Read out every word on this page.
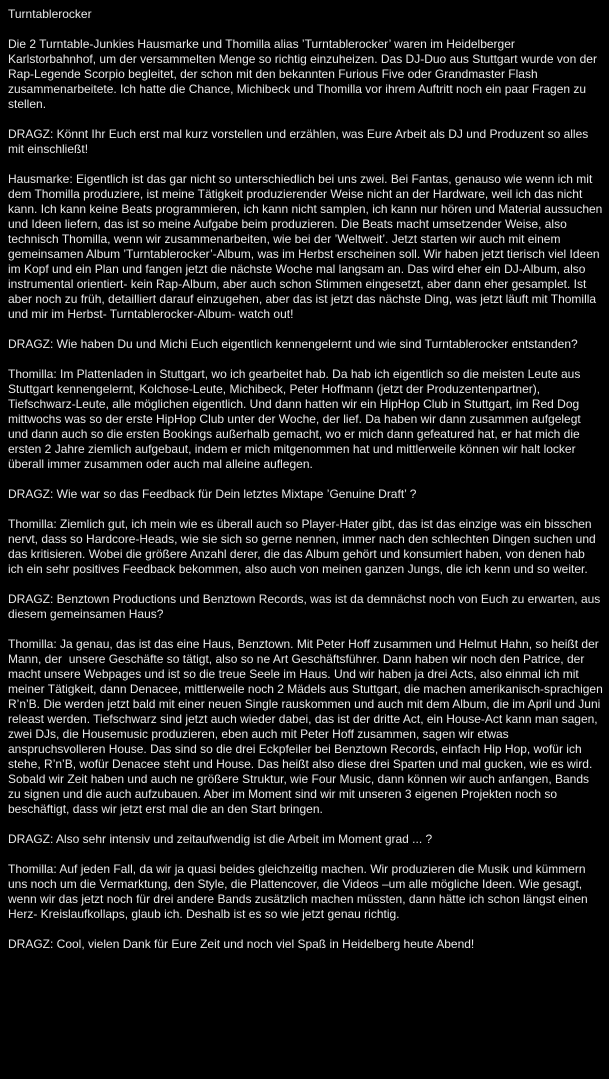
Turntablerocker

Die 2 Turntable-Junkies Hausmarke und Thomilla alias ’Turntablerocker’ waren im Heidelberger Karlstorbahnhof, um der versammelten Menge so richtig einzuheizen. Das DJ-Duo aus Stuttgart wurde von der Rap-Legende Scorpio begleitet, der schon mit den bekannten Furious Five oder Grandmaster Flash zusammenarbeitete. Ich hatte die Chance, Michibeck und Thomilla vor ihrem Auftritt noch ein paar Fragen zu stellen.

DRAGZ: Könnt Ihr Euch erst mal kurz vorstellen und erzählen, was Eure Arbeit als DJ und Produzent so alles mit einschließt!

Hausmarke: Eigentlich ist das gar nicht so unterschiedlich bei uns zwei. Bei Fantas, genauso wie wenn ich mit dem Thomilla produziere, ist meine Tätigkeit produzierender Weise nicht an der Hardware, weil ich das nicht kann. Ich kann keine Beats programmieren, ich kann nicht samplen, ich kann nur hören und Material aussuchen und Ideen liefern, das ist so meine Aufgabe beim produzieren. Die Beats macht umsetzender Weise, also technisch Thomilla, wenn wir zusammenarbeiten, wie bei der ’Weltweit’. Jetzt starten wir auch mit einem gemeinsamen Album ’Turntablerocker’-Album, was im Herbst erscheinen soll. Wir haben jetzt tierisch viel Ideen im Kopf und ein Plan und fangen jetzt die nächste Woche mal langsam an. Das wird eher ein DJ-Album, also instrumental orientiert- kein Rap-Album, aber auch schon Stimmen eingesetzt, aber dann eher gesamplet. Ist aber noch zu früh, detailliert darauf einzugehen, aber das ist jetzt das nächste Ding, was jetzt läuft mit Thomilla und mir im Herbst- Turntablerocker-Album- watch out!

DRAGZ: Wie haben Du und Michi Euch eigentlich kennengelernt und wie sind Turntablerocker entstanden?

Thomilla: Im Plattenladen in Stuttgart, wo ich gearbeitet hab. Da hab ich eigentlich so die meisten Leute aus Stuttgart kennengelernt, Kolchose-Leute, Michibeck, Peter Hoffmann (jetzt der Produzentenpartner), Tiefschwarz-Leute, alle möglichen eigentlich. Und dann hatten wir ein HipHop Club in Stuttgart, im Red Dog mittwochs was so der erste HipHop Club unter der Woche, der lief. Da haben wir dann zusammen aufgelegt und dann auch so die ersten Bookings außerhalb gemacht, wo er mich dann gefeatured hat, er hat mich die ersten 2 Jahre ziemlich aufgebaut, indem er mich mitgenommen hat und mittlerweile können wir halt locker überall immer zusammen oder auch mal alleine auflegen.

DRAGZ: Wie war so das Feedback für Dein letztes Mixtape ’Genuine Draft’ ?

Thomilla: Ziemlich gut, ich mein wie es überall auch so Player-Hater gibt, das ist das einzige was ein bisschen nervt, dass so Hardcore-Heads, wie sie sich so gerne nennen, immer nach den schlechten Dingen suchen und das kritisieren. Wobei die größere Anzahl derer, die das Album gehört und konsumiert haben, von denen hab ich ein sehr positives Feedback bekommen, also auch von meinen ganzen Jungs, die ich kenn und so weiter.

DRAGZ: Benztown Productions und Benztown Records, was ist da demnächst noch von Euch zu erwarten, aus diesem gemeinsamen Haus?

Thomilla: Ja genau, das ist das eine Haus, Benztown. Mit Peter Hoff zusammen und Helmut Hahn, so heißt der Mann, der  unsere Geschäfte so tätigt, also so ne Art Geschäftsführer. Dann haben wir noch den Patrice, der macht unsere Webpages und ist so die treue Seele im Haus. Und wir haben ja drei Acts, also einmal ich mit meiner Tätigkeit, dann Denacee, mittlerweile noch 2 Mädels aus Stuttgart, die machen amerikanisch-sprachigen R’n’B. Die werden jetzt bald mit einer neuen Single rauskommen und auch mit dem Album, die im April und Juni releast werden. Tiefschwarz sind jetzt auch wieder dabei, das ist der dritte Act, ein House-Act kann man sagen, zwei DJs, die Housemusic produzieren, eben auch mit Peter Hoff zusammen, sagen wir etwas anspruchsvolleren House. Das sind so die drei Eckpfeiler bei Benztown Records, einfach Hip Hop, wofür ich stehe, R’n’B, wofür Denacee steht und House. Das heißt also diese drei Sparten und mal gucken, wie es wird. Sobald wir Zeit haben und auch ne größere Struktur, wie Four Music, dann können wir auch anfangen, Bands zu signen und die auch aufzubauen. Aber im Moment sind wir mit unseren 3 eigenen Projekten noch so beschäftigt, dass wir jetzt erst mal die an den Start bringen.

DRAGZ: Also sehr intensiv und zeitaufwendig ist die Arbeit im Moment grad ... ?

Thomilla: Auf jeden Fall, da wir ja quasi beides gleichzeitig machen. Wir produzieren die Musik und kümmern uns noch um die Vermarktung, den Style, die Plattencover, die Videos –um alle mögliche Ideen. Wie gesagt, wenn wir das jetzt noch für drei andere Bands zusätzlich machen müssten, dann hätte ich schon längst einen Herz- Kreislaufkollaps, glaub ich. Deshalb ist es so wie jetzt genau richtig.

DRAGZ: Cool, vielen Dank für Eure Zeit und noch viel Spaß in Heidelberg heute Abend!
